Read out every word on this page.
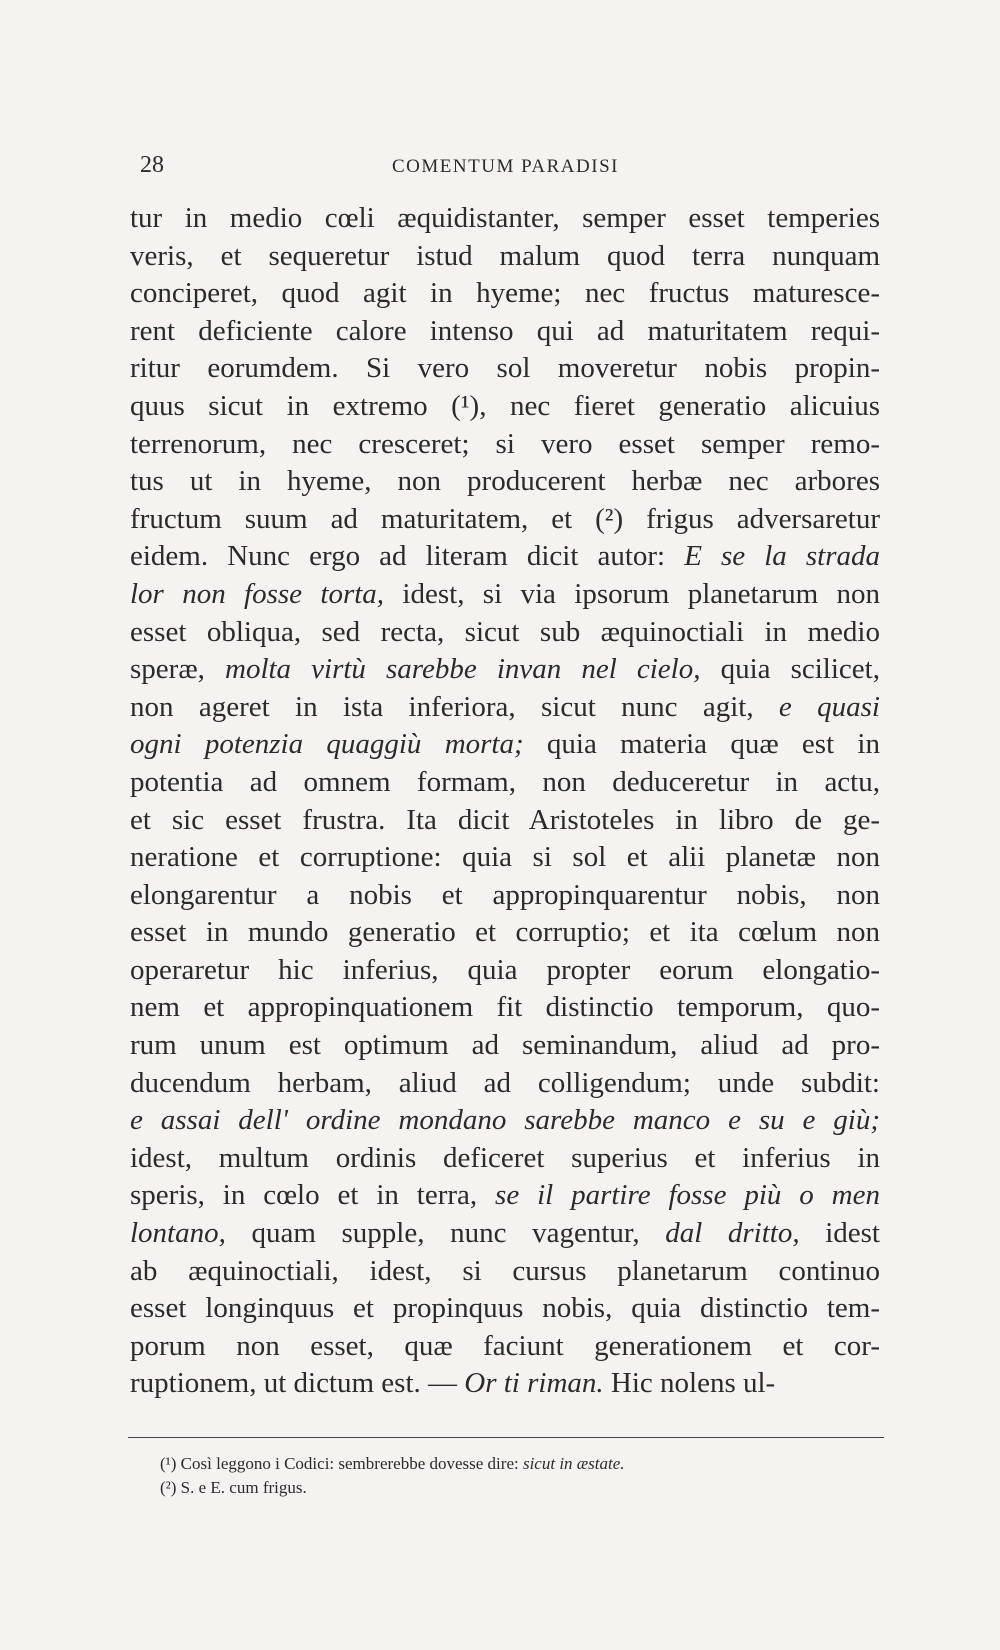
28	COMENTUM PARADISI
tur in medio cœli æquidistanter, semper esset temperies
veris, et sequeretur istud malum quod terra nunquam
conciperet, quod agit in hyeme; nec fructus maturesce-
rent deficiente calore intenso qui ad maturitatem requi-
ritur eorumdem. Si vero sol moveretur nobis propin-
quus sicut in extremo (¹), nec fieret generatio alicuius
terrenorum, nec cresceret; si vero esset semper remo-
tus ut in hyeme, non producerent herbæ nec arbores
fructum suum ad maturitatem, et (²) frigus adversaretur
eidem. Nunc ergo ad literam dicit autor: E se la strada
lor non fosse torta, idest, si via ipsorum planetarum non
esset obliqua, sed recta, sicut sub æquinoctiali in medio
speræ, molta virtù sarebbe invan nel cielo, quia scilicet,
non ageret in ista inferiora, sicut nunc agit, e quasi
ogni potenzia quaggiù morta; quia materia quæ est in
potentia ad omnem formam, non deduceretur in actu,
et sic esset frustra. Ita dicit Aristoteles in libro de ge-
neratione et corruptione: quia si sol et alii planetæ non
elongarentur a nobis et appropinquarentur nobis, non
esset in mundo generatio et corruptio; et ita cœlum non
operaretur hic inferius, quia propter eorum elongatio-
nem et appropinquationem fit distinctio temporum, quo-
rum unum est optimum ad seminandum, aliud ad pro-
ducendum herbam, aliud ad colligendum; unde subdit:
e assai dell' ordine mondano sarebbe manco e su e giù;
idest, multum ordinis deficeret superius et inferius in
speris, in cœlo et in terra, se il partire fosse più o men
lontano, quam supple, nunc vagentur, dal dritto, idest
ab æquinoctiali, idest, si cursus planetarum continuo
esset longinquus et propinquus nobis, quia distinctio tem-
porum non esset, quæ faciunt generationem et cor-
ruptionem, ut dictum est. — Or ti riman. Hic nolens ul-
(¹) Così leggono i Codici: sembrerebbe dovesse dire: sicut in æstate.
(²) S. e E. cum frigus.
